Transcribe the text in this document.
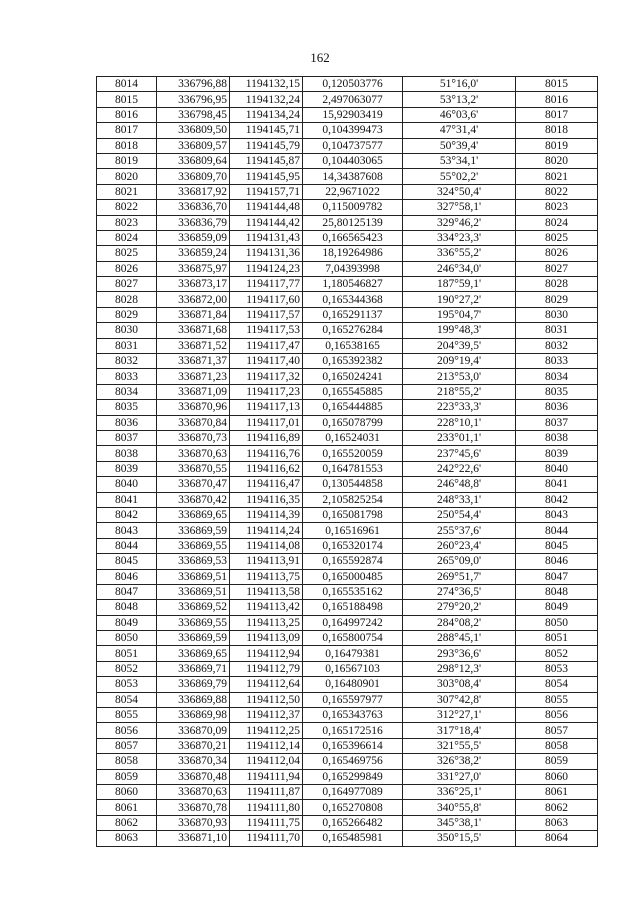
162
8014	336796,88	1194132,15	0,120503776	51°16,0'	8015
8015	336796,95	1194132,24	2,497063077	53°13,2'	8016
8016	336798,45	1194134,24	15,92903419	46°03,6'	8017
8017	336809,50	1194145,71	0,104399473	47°31,4'	8018
8018	336809,57	1194145,79	0,104737577	50°39,4'	8019
8019	336809,64	1194145,87	0,104403065	53°34,1'	8020
8020	336809,70	1194145,95	14,34387608	55°02,2'	8021
8021	336817,92	1194157,71	22,9671022	324°50,4'	8022
8022	336836,70	1194144,48	0,115009782	327°58,1'	8023
8023	336836,79	1194144,42	25,80125139	329°46,2'	8024
8024	336859,09	1194131,43	0,166565423	334°23,3'	8025
8025	336859,24	1194131,36	18,19264986	336°55,2'	8026
8026	336875,97	1194124,23	7,04393998	246°34,0'	8027
8027	336873,17	1194117,77	1,180546827	187°59,1'	8028
8028	336872,00	1194117,60	0,165344368	190°27,2'	8029
8029	336871,84	1194117,57	0,165291137	195°04,7'	8030
8030	336871,68	1194117,53	0,165276284	199°48,3'	8031
8031	336871,52	1194117,47	0,16538165	204°39,5'	8032
8032	336871,37	1194117,40	0,165392382	209°19,4'	8033
8033	336871,23	1194117,32	0,165024241	213°53,0'	8034
8034	336871,09	1194117,23	0,165545885	218°55,2'	8035
8035	336870,96	1194117,13	0,165444885	223°33,3'	8036
8036	336870,84	1194117,01	0,165078799	228°10,1'	8037
8037	336870,73	1194116,89	0,16524031	233°01,1'	8038
8038	336870,63	1194116,76	0,165520059	237°45,6'	8039
8039	336870,55	1194116,62	0,164781553	242°22,6'	8040
8040	336870,47	1194116,47	0,130544858	246°48,8'	8041
8041	336870,42	1194116,35	2,105825254	248°33,1'	8042
8042	336869,65	1194114,39	0,165081798	250°54,4'	8043
8043	336869,59	1194114,24	0,16516961	255°37,6'	8044
8044	336869,55	1194114,08	0,165320174	260°23,4'	8045
8045	336869,53	1194113,91	0,165592874	265°09,0'	8046
8046	336869,51	1194113,75	0,165000485	269°51,7'	8047
8047	336869,51	1194113,58	0,165535162	274°36,5'	8048
8048	336869,52	1194113,42	0,165188498	279°20,2'	8049
8049	336869,55	1194113,25	0,164997242	284°08,2'	8050
8050	336869,59	1194113,09	0,165800754	288°45,1'	8051
8051	336869,65	1194112,94	0,16479381	293°36,6'	8052
8052	336869,71	1194112,79	0,16567103	298°12,3'	8053
8053	336869,79	1194112,64	0,16480901	303°08,4'	8054
8054	336869,88	1194112,50	0,165597977	307°42,8'	8055
8055	336869,98	1194112,37	0,165343763	312°27,1'	8056
8056	336870,09	1194112,25	0,165172516	317°18,4'	8057
8057	336870,21	1194112,14	0,165396614	321°55,5'	8058
8058	336870,34	1194112,04	0,165469756	326°38,2'	8059
8059	336870,48	1194111,94	0,165299849	331°27,0'	8060
8060	336870,63	1194111,87	0,164977089	336°25,1'	8061
8061	336870,78	1194111,80	0,165270808	340°55,8'	8062
8062	336870,93	1194111,75	0,165266482	345°38,1'	8063
8063	336871,10	1194111,70	0,165485981	350°15,5'	8064
